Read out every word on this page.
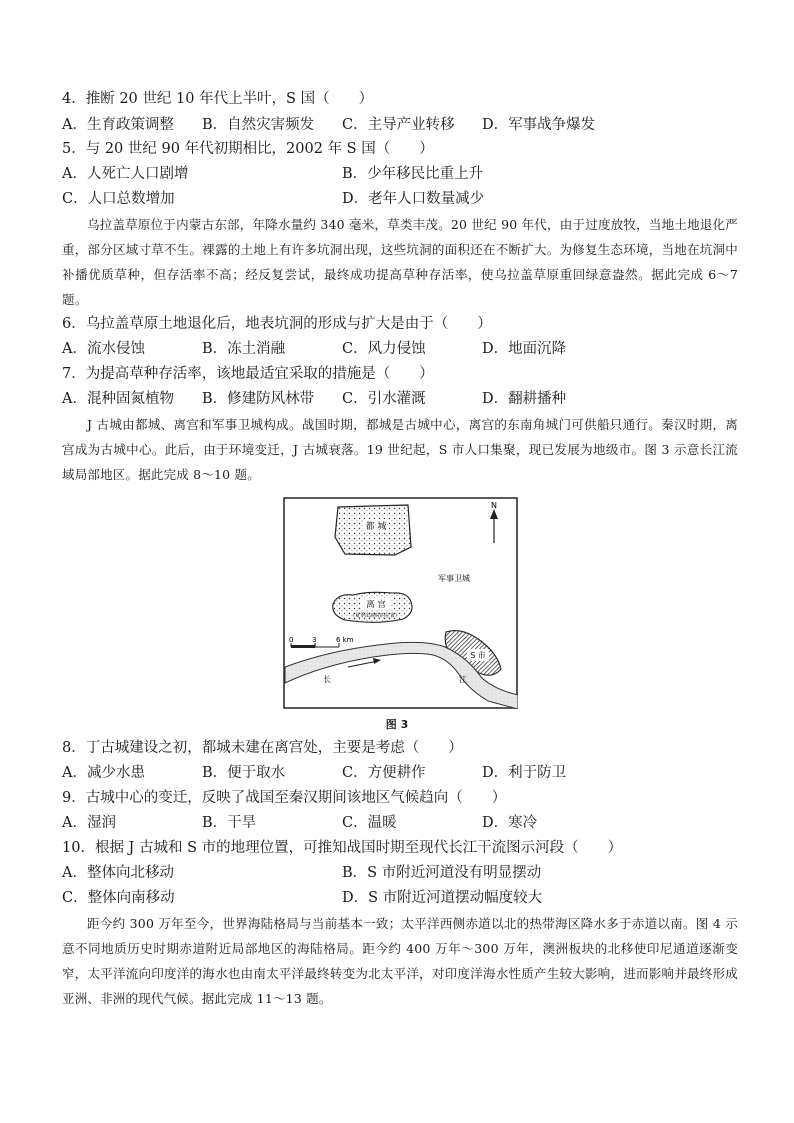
4．推断 20 世纪 10 年代上半叶，S 国（　　）
A．生育政策调整 B．自然灾害频发 C．主导产业转移 D．军事战争爆发
5．与 20 世纪 90 年代初期相比，2002 年 S 国（　　）
A．人死亡人口剧增	B．少年移民比重上升
C．人口总数增加	D．老年人口数量减少
乌拉盖草原位于内蒙古东部，年降水量约 340 毫米，草类丰茂。20 世纪 90 年代，由于过度放牧，当地土地退化严重，部分区域寸草不生。裸露的土地上有许多坑洞出现，这些坑洞的面积还在不断扩大。为修复生态环境，当地在坑洞中补播优质草种，但存活率不高；经反复尝试，最终成功提高草种存活率，使乌拉盖草原重回绿意盎然。据此完成 6～7 题。
6．乌拉盖草原土地退化后，地表坑洞的形成与扩大是由于（　　）
A．流水侵蚀	B．冻土消融	C．风力侵蚀	D．地面沉降
7．为提高草种存活率，该地最适宜采取的措施是（　　）
A．混种固氮植物 B．修建防风林带 C．引水灌溉	D．翻耕播种
J 古城由都城、离宫和军事卫城构成。战国时期，都城是古城中心，离宫的东南角城门可供船只通行。秦汉时期，离宫成为古城中心。此后，由于环境变迁，J 古城衰落。19 世纪起，S 市人口集聚，现已发展为地级市。图 3 示意长江流域局部地区。据此完成 8～10 题。
都 城
N
军事卫城
离 宫
（夏季出现时的位置）
0	3	6 km
S 市
长	江
图 3
8．丁古城建设之初，都城未建在离宫处，主要是考虑（　　）
A．减少水患	B．便于取水	C．方便耕作	D．利于防卫
9．古城中心的变迁，反映了战国至秦汉期间该地区气候趋向（　　）
A．湿润	B．干旱	C．温暖	D．寒冷
10．根据 J 古城和 S 市的地理位置，可推知战国时期至现代长江干流图示河段（　　）
A．整体向北移动	B．S 市附近河道没有明显摆动
C．整体向南移动	D．S 市附近河道摆动幅度较大
距今约 300 万年至今，世界海陆格局与当前基本一致；太平洋西侧赤道以北的热带海区降水多于赤道以南。图 4 示意不同地质历史时期赤道附近局部地区的海陆格局。距今约 400 万年～300 万年，澳洲板块的北移使印尼通道逐渐变窄，太平洋流向印度洋的海水也由南太平洋最终转变为北太平洋，对印度洋海水性质产生较大影响，进而影响并最终形成亚洲、非洲的现代气候。据此完成 11～13 题。
